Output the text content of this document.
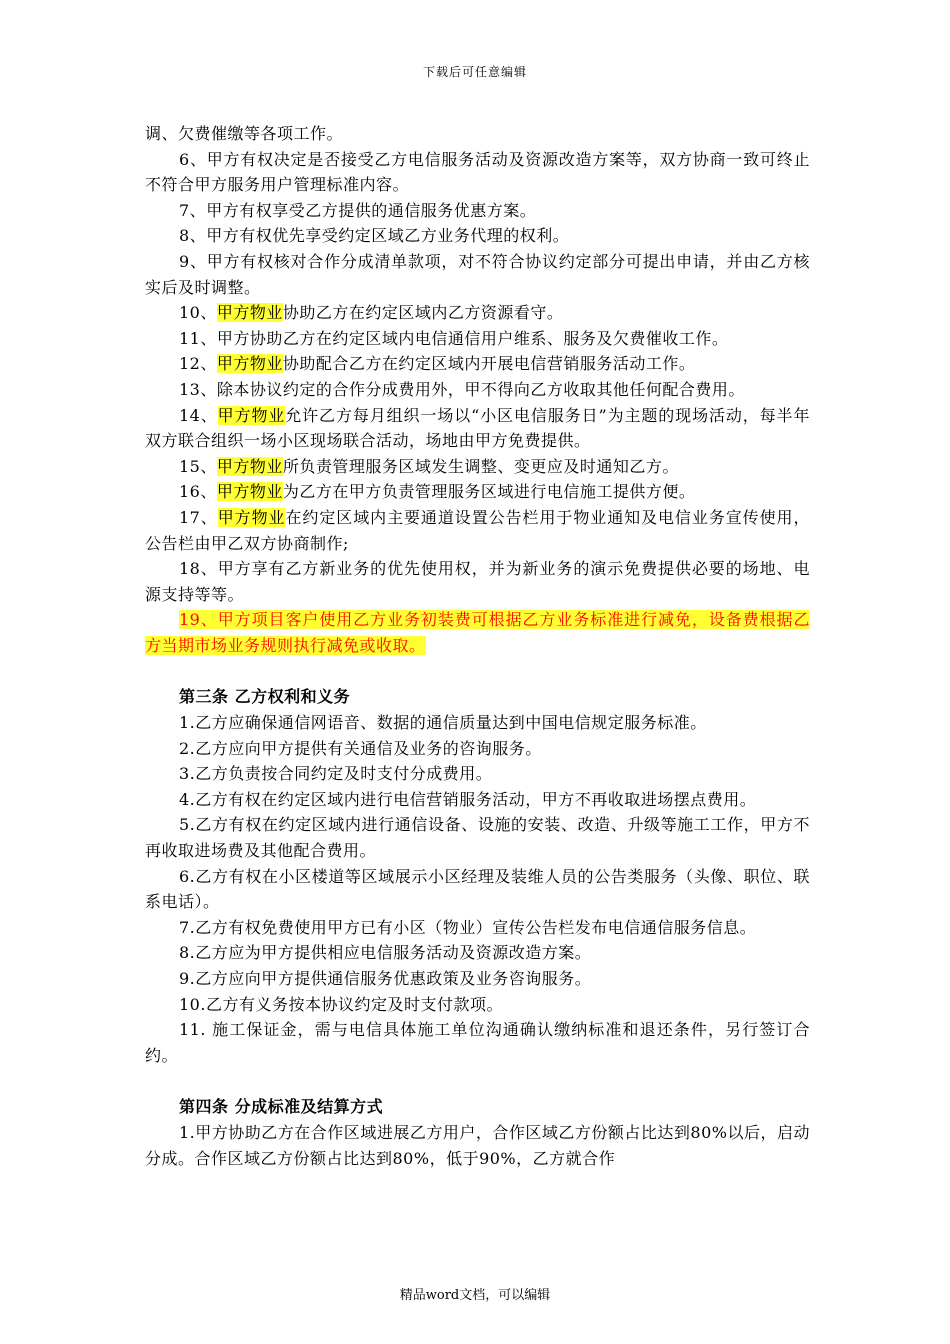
下载后可任意编辑

调、欠费催缴等各项工作。

6、甲方有权决定是否接受乙方电信服务活动及资源改造方案等，双方协商一致可终止不符合甲方服务用户管理标准内容。

7、甲方有权享受乙方提供的通信服务优惠方案。

8、甲方有权优先享受约定区域乙方业务代理的权利。

9、甲方有权核对合作分成清单款项，对不符合协议约定部分可提出申请，并由乙方核实后及时调整。

10、甲方物业协助乙方在约定区域内乙方资源看守。

11、甲方协助乙方在约定区域内电信通信用户维系、服务及欠费催收工作。

12、甲方物业协助配合乙方在约定区域内开展电信营销服务活动工作。

13、除本协议约定的合作分成费用外，甲不得向乙方收取其他任何配合费用。

14、甲方物业允许乙方每月组织一场以“小区电信服务日”为主题的现场活动，每半年双方联合组织一场小区现场联合活动，场地由甲方免费提供。

15、甲方物业所负责管理服务区域发生调整、变更应及时通知乙方。

16、甲方物业为乙方在甲方负责管理服务区域进行电信施工提供方便。

17、甲方物业在约定区域内主要通道设置公告栏用于物业通知及电信业务宣传使用，公告栏由甲乙双方协商制作;

18、甲方享有乙方新业务的优先使用权，并为新业务的演示免费提供必要的场地、电源支持等等。

19、甲方项目客户使用乙方业务初装费可根据乙方业务标准进行减免，设备费根据乙方当期市场业务规则执行减免或收取。

第三条 乙方权利和义务

1.乙方应确保通信网语音、数据的通信质量达到中国电信规定服务标准。

2.乙方应向甲方提供有关通信及业务的咨询服务。

3.乙方负责按合同约定及时支付分成费用。

4.乙方有权在约定区域内进行电信营销服务活动，甲方不再收取进场摆点费用。

5.乙方有权在约定区域内进行通信设备、设施的安装、改造、升级等施工工作，甲方不再收取进场费及其他配合费用。

6.乙方有权在小区楼道等区域展示小区经理及装维人员的公告类服务（头像、职位、联系电话）。

7.乙方有权免费使用甲方已有小区（物业）宣传公告栏发布电信通信服务信息。

8.乙方应为甲方提供相应电信服务活动及资源改造方案。

9.乙方应向甲方提供通信服务优惠政策及业务咨询服务。

10.乙方有义务按本协议约定及时支付款项。

11. 施工保证金，需与电信具体施工单位沟通确认缴纳标准和退还条件，另行签订合约。

第四条 分成标准及结算方式

1.甲方协助乙方在合作区域进展乙方用户，合作区域乙方份额占比达到80%以后，启动分成。合作区域乙方份额占比达到80%，低于90%，乙方就合作

精品word文档，可以编辑
